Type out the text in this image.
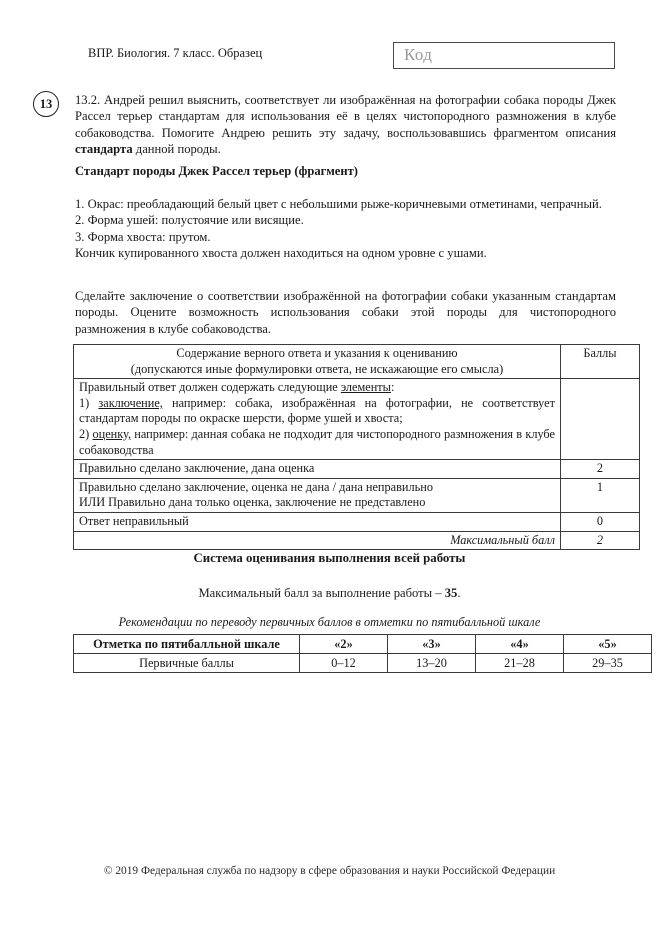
ВПР. Биология. 7 класс. Образец	Код
13 13.2. Андрей решил выяснить, соответствует ли изображённая на фотографии собака породы Джек Рассел терьер стандартам для использования её в целях чистопородного размножения в клубе собаководства. Помогите Андрею решить эту задачу, воспользовавшись фрагментом описания стандарта данной породы.
Стандарт породы Джек Рассел терьер (фрагмент)
1. Окрас: преобладающий белый цвет с небольшими рыже-коричневыми отметинами, чепрачный.
2. Форма ушей: полустоячие или висящие.
3. Форма хвоста: прутом.
Кончик купированного хвоста должен находиться на одном уровне с ушами.
Сделайте заключение о соответствии изображённой на фотографии собаки указанным стандартам породы. Оцените возможность использования собаки этой породы для чистопородного размножения в клубе собаководства.
Содержание верного ответа и указания к оцениванию
(допускаются иные формулировки ответа, не искажающие его смысла)	Баллы

Правильный ответ должен содержать следующие элементы:
1) заключение, например: собака, изображённая на фотографии, не соответствует стандартам породы по окраске шерсти, форме ушей и хвоста;
2) оценку, например: данная собака не подходит для чистопородного размножения в клубе собаководства	

Правильно сделано заключение, дана оценка	2

Правильно сделано заключение, оценка не дана / дана неправильно
ИЛИ Правильно дана только оценка, заключение не представлено	1

Ответ неправильный	0
Максимальный балл	2
Система оценивания выполнения всей работы
Максимальный балл за выполнение работы – 35.
Рекомендации по переводу первичных баллов в отметки по пятибалльной шкале
Отметка по пятибалльной шкале	«2»	«3»	«4»	«5»
Первичные баллы	0–12	13–20	21–28	29–35
© 2019 Федеральная служба по надзору в сфере образования и науки Российской Федерации
